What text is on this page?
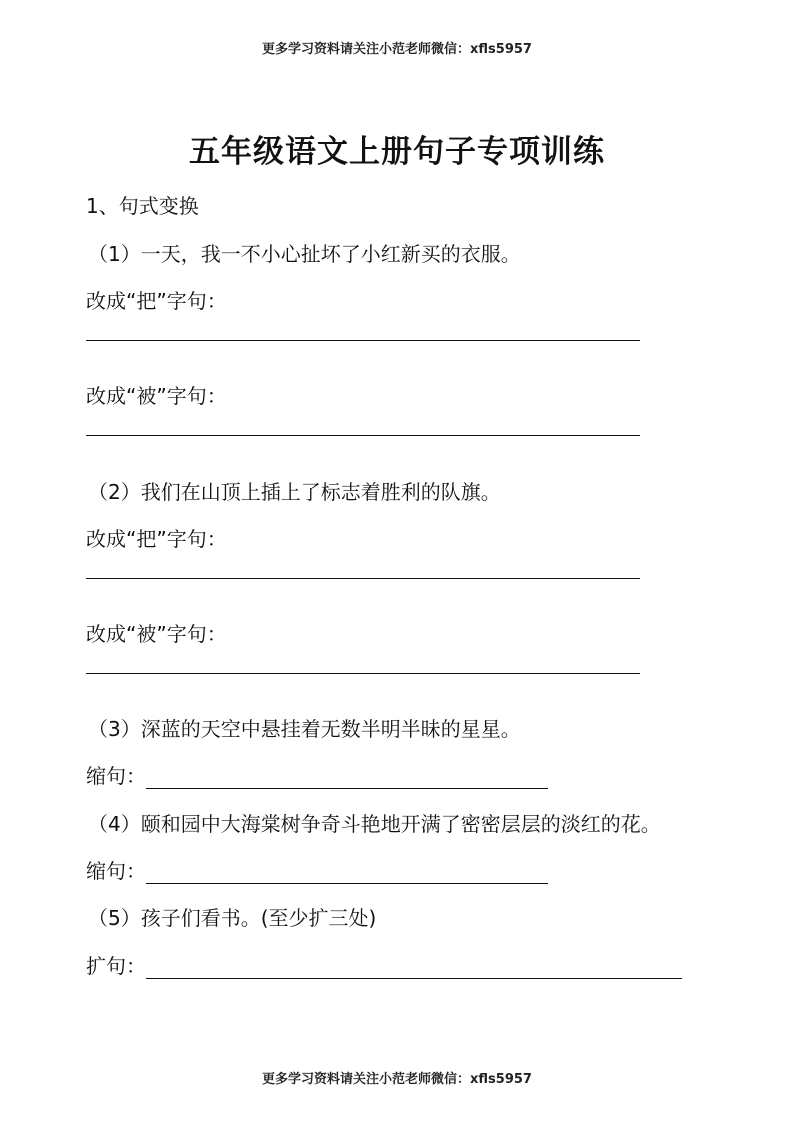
更多学习资料请关注小范老师微信：xfls5957
五年级语文上册句子专项训练
1、句式变换
（1）一天，我一不小心扯坏了小红新买的衣服。
改成“把”字句：
改成“被”字句：
（2）我们在山顶上插上了标志着胜利的队旗。
改成“把”字句：
改成“被”字句：
（3）深蓝的天空中悬挂着无数半明半昧的星星。
缩句：
（4）颐和园中大海棠树争奇斗艳地开满了密密层层的淡红的花。
缩句：
（5）孩子们看书。(至少扩三处)
扩句：
更多学习资料请关注小范老师微信：xfls5957
